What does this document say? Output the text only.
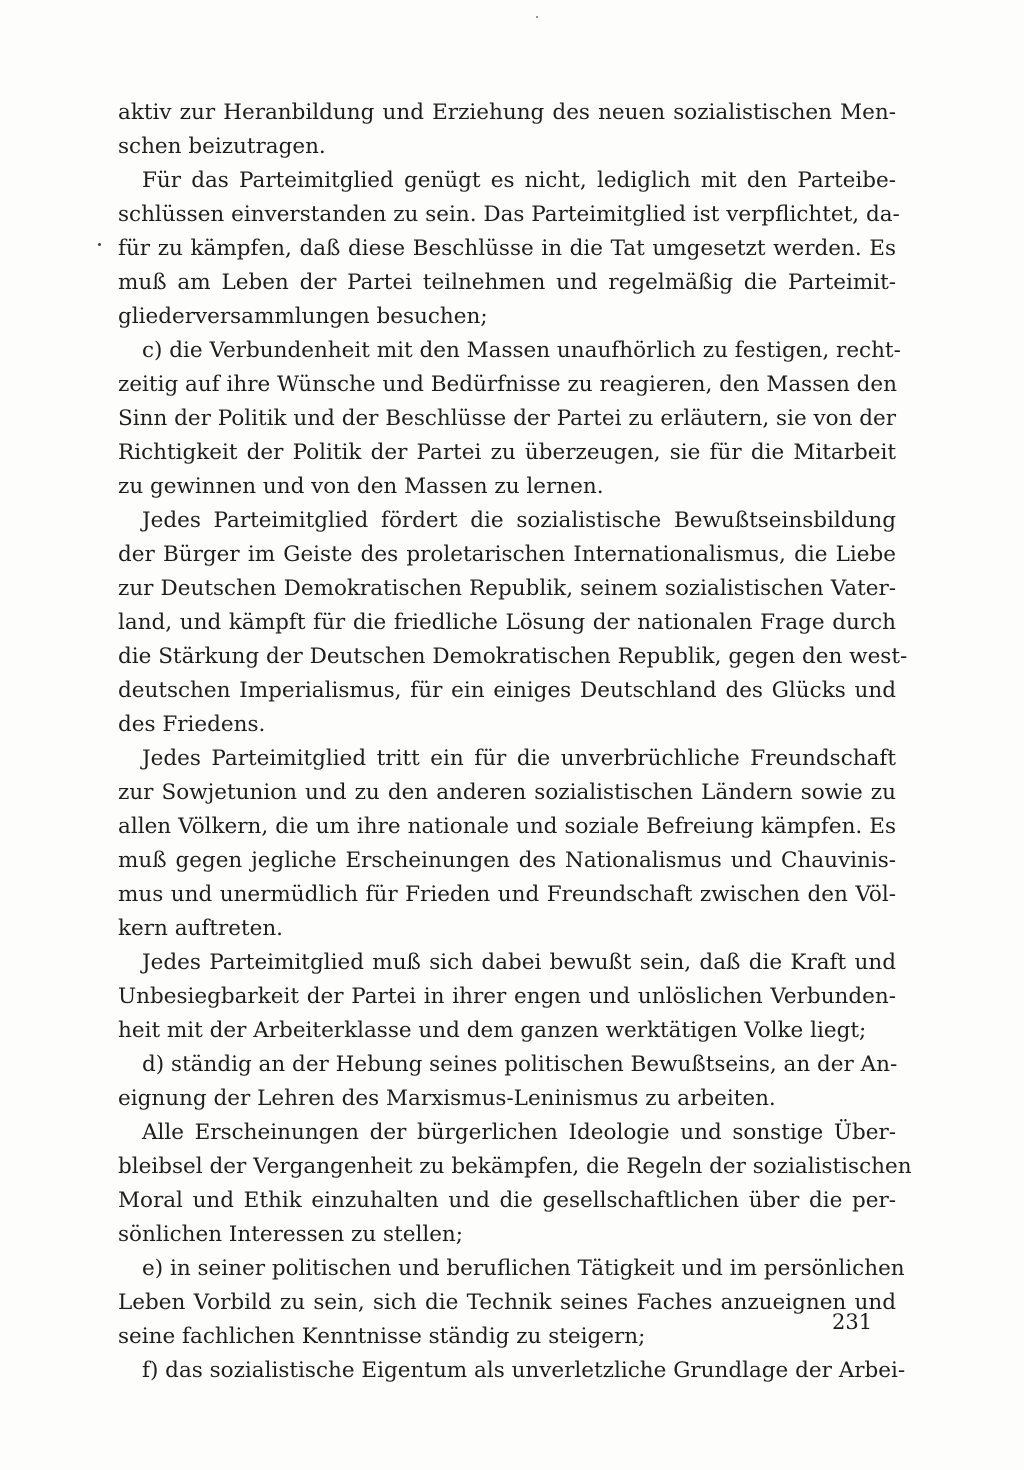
aktiv zur Heranbildung und Erziehung des neuen sozialistischen Men-
schen beizutragen.
Für das Parteimitglied genügt es nicht, lediglich mit den Parteibe-
schlüssen einverstanden zu sein. Das Parteimitglied ist verpflichtet, da-
für zu kämpfen, daß diese Beschlüsse in die Tat umgesetzt werden. Es
muß am Leben der Partei teilnehmen und regelmäßig die Parteimit-
gliederversammlungen besuchen;
c) die Verbundenheit mit den Massen unaufhörlich zu festigen, recht-
zeitig auf ihre Wünsche und Bedürfnisse zu reagieren, den Massen den
Sinn der Politik und der Beschlüsse der Partei zu erläutern, sie von der
Richtigkeit der Politik der Partei zu überzeugen, sie für die Mitarbeit
zu gewinnen und von den Massen zu lernen.
Jedes Parteimitglied fördert die sozialistische Bewußtseinsbildung
der Bürger im Geiste des proletarischen Internationalismus, die Liebe
zur Deutschen Demokratischen Republik, seinem sozialistischen Vater-
land, und kämpft für die friedliche Lösung der nationalen Frage durch
die Stärkung der Deutschen Demokratischen Republik, gegen den west-
deutschen Imperialismus, für ein einiges Deutschland des Glücks und
des Friedens.
Jedes Parteimitglied tritt ein für die unverbrüchliche Freundschaft
zur Sowjetunion und zu den anderen sozialistischen Ländern sowie zu
allen Völkern, die um ihre nationale und soziale Befreiung kämpfen. Es
muß gegen jegliche Erscheinungen des Nationalismus und Chauvinis-
mus und unermüdlich für Frieden und Freundschaft zwischen den Völ-
kern auftreten.
Jedes Parteimitglied muß sich dabei bewußt sein, daß die Kraft und
Unbesiegbarkeit der Partei in ihrer engen und unlöslichen Verbunden-
heit mit der Arbeiterklasse und dem ganzen werktätigen Volke liegt;
d) ständig an der Hebung seines politischen Bewußtseins, an der An-
eignung der Lehren des Marxismus-Leninismus zu arbeiten.
Alle Erscheinungen der bürgerlichen Ideologie und sonstige Über-
bleibsel der Vergangenheit zu bekämpfen, die Regeln der sozialistischen
Moral und Ethik einzuhalten und die gesellschaftlichen über die per-
sönlichen Interessen zu stellen;
e) in seiner politischen und beruflichen Tätigkeit und im persönlichen
Leben Vorbild zu sein, sich die Technik seines Faches anzueignen und
seine fachlichen Kenntnisse ständig zu steigern;
f) das sozialistische Eigentum als unverletzliche Grundlage der Arbei-
231
